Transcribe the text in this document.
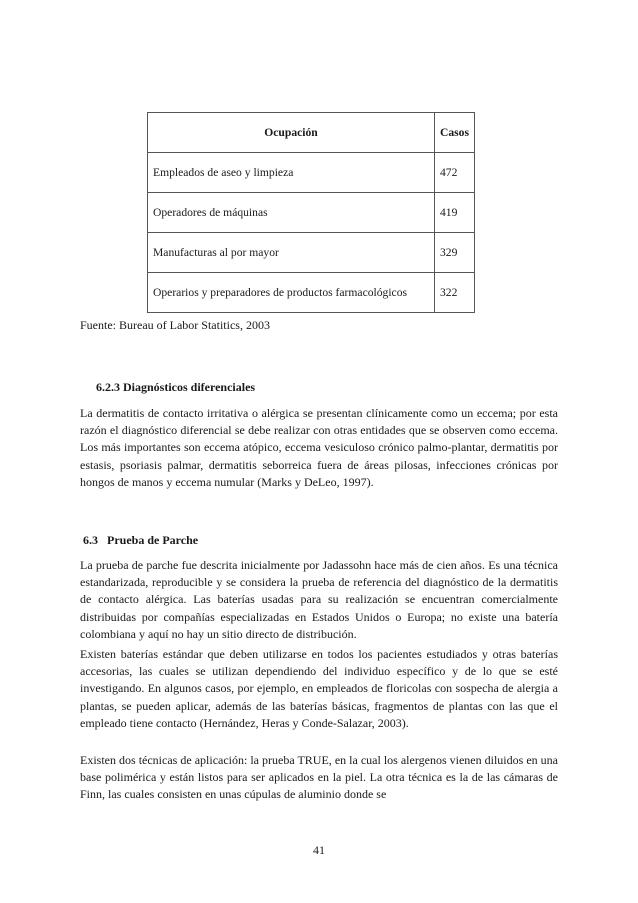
Ocupación	Casos
Empleados de aseo y limpieza	472
Operadores de máquinas	419
Manufacturas al por mayor	329
Operarios y preparadores de productos farmacológicos	322
Fuente: Bureau of Labor Statitics, 2003
6.2.3 Diagnósticos diferenciales

La dermatitis de contacto irritativa o alérgica se presentan clínicamente como un eccema; por esta razón el diagnóstico diferencial se debe realizar con otras entidades que se observen como eccema. Los más importantes son eccema atópico, eccema vesiculoso crónico palmo-plantar, dermatitis por estasis, psoriasis palmar, dermatitis seborreica fuera de áreas pilosas, infecciones crónicas por hongos de manos y eccema numular (Marks y DeLeo, 1997).

6.3   Prueba de Parche

La prueba de parche fue descrita inicialmente por Jadassohn hace más de cien años. Es una técnica estandarizada, reproducible y se considera la prueba de referencia del diagnóstico de la dermatitis de contacto alérgica. Las baterías usadas para su realización se encuentran comercialmente distribuidas por compañías especializadas en Estados Unidos o Europa; no existe una batería colombiana y aquí no hay un sitio directo de distribución.

Existen baterías estándar que deben utilizarse en todos los pacientes estudiados y otras baterías accesorias, las cuales se utilizan dependiendo del individuo específico y de lo que se esté investigando. En algunos casos, por ejemplo, en empleados de floricolas con sospecha de alergia a plantas, se pueden aplicar, además de las baterías básicas, fragmentos de plantas con las que el empleado tiene contacto (Hernández, Heras y Conde-Salazar, 2003).

Existen dos técnicas de aplicación: la prueba TRUE, en la cual los alergenos vienen diluidos en una base polimérica y están listos para ser aplicados en la piel. La otra técnica es la de las cámaras de Finn, las cuales consisten en unas cúpulas de aluminio donde se

41
